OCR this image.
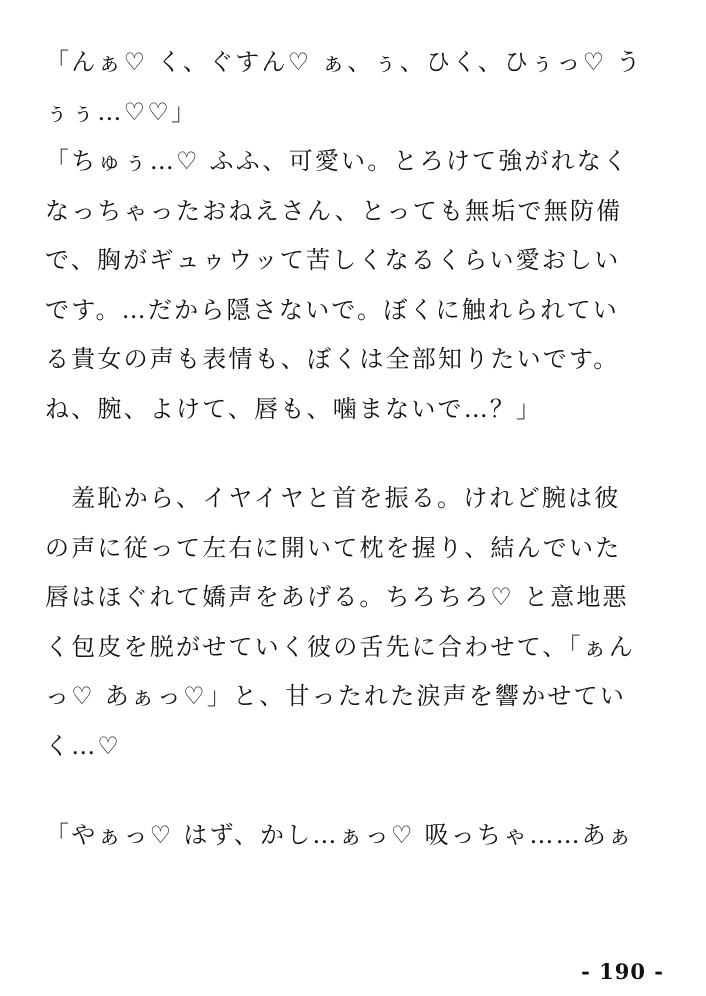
「んぁ♡ く、ぐすん♡ ぁ、ぅ、ひく、ひぅっ♡ う
ぅぅ…♡♡」
「ちゅぅ…♡ ふふ、可愛い。とろけて強がれなく
なっちゃったおねえさん、とっても無垢で無防備
で、胸がギュゥウッて苦しくなるくらい愛おしい
です。…だから隠さないで。ぼくに触れられてい
る貴女の声も表情も、ぼくは全部知りたいです。
ね、腕、よけて、唇も、噛まないで…？」
　羞恥から、イヤイヤと首を振る。けれど腕は彼
の声に従って左右に開いて枕を握り、結んでいた
唇はほぐれて嬌声をあげる。ちろちろ♡ と意地悪
く包皮を脱がせていく彼の舌先に合わせて、「ぁん
っ♡ あぁっ♡」と、甘ったれた涙声を響かせてい
く…♡
「やぁっ♡ はず、かし…ぁっ♡ 吸っちゃ……あぁ
- 190 -
